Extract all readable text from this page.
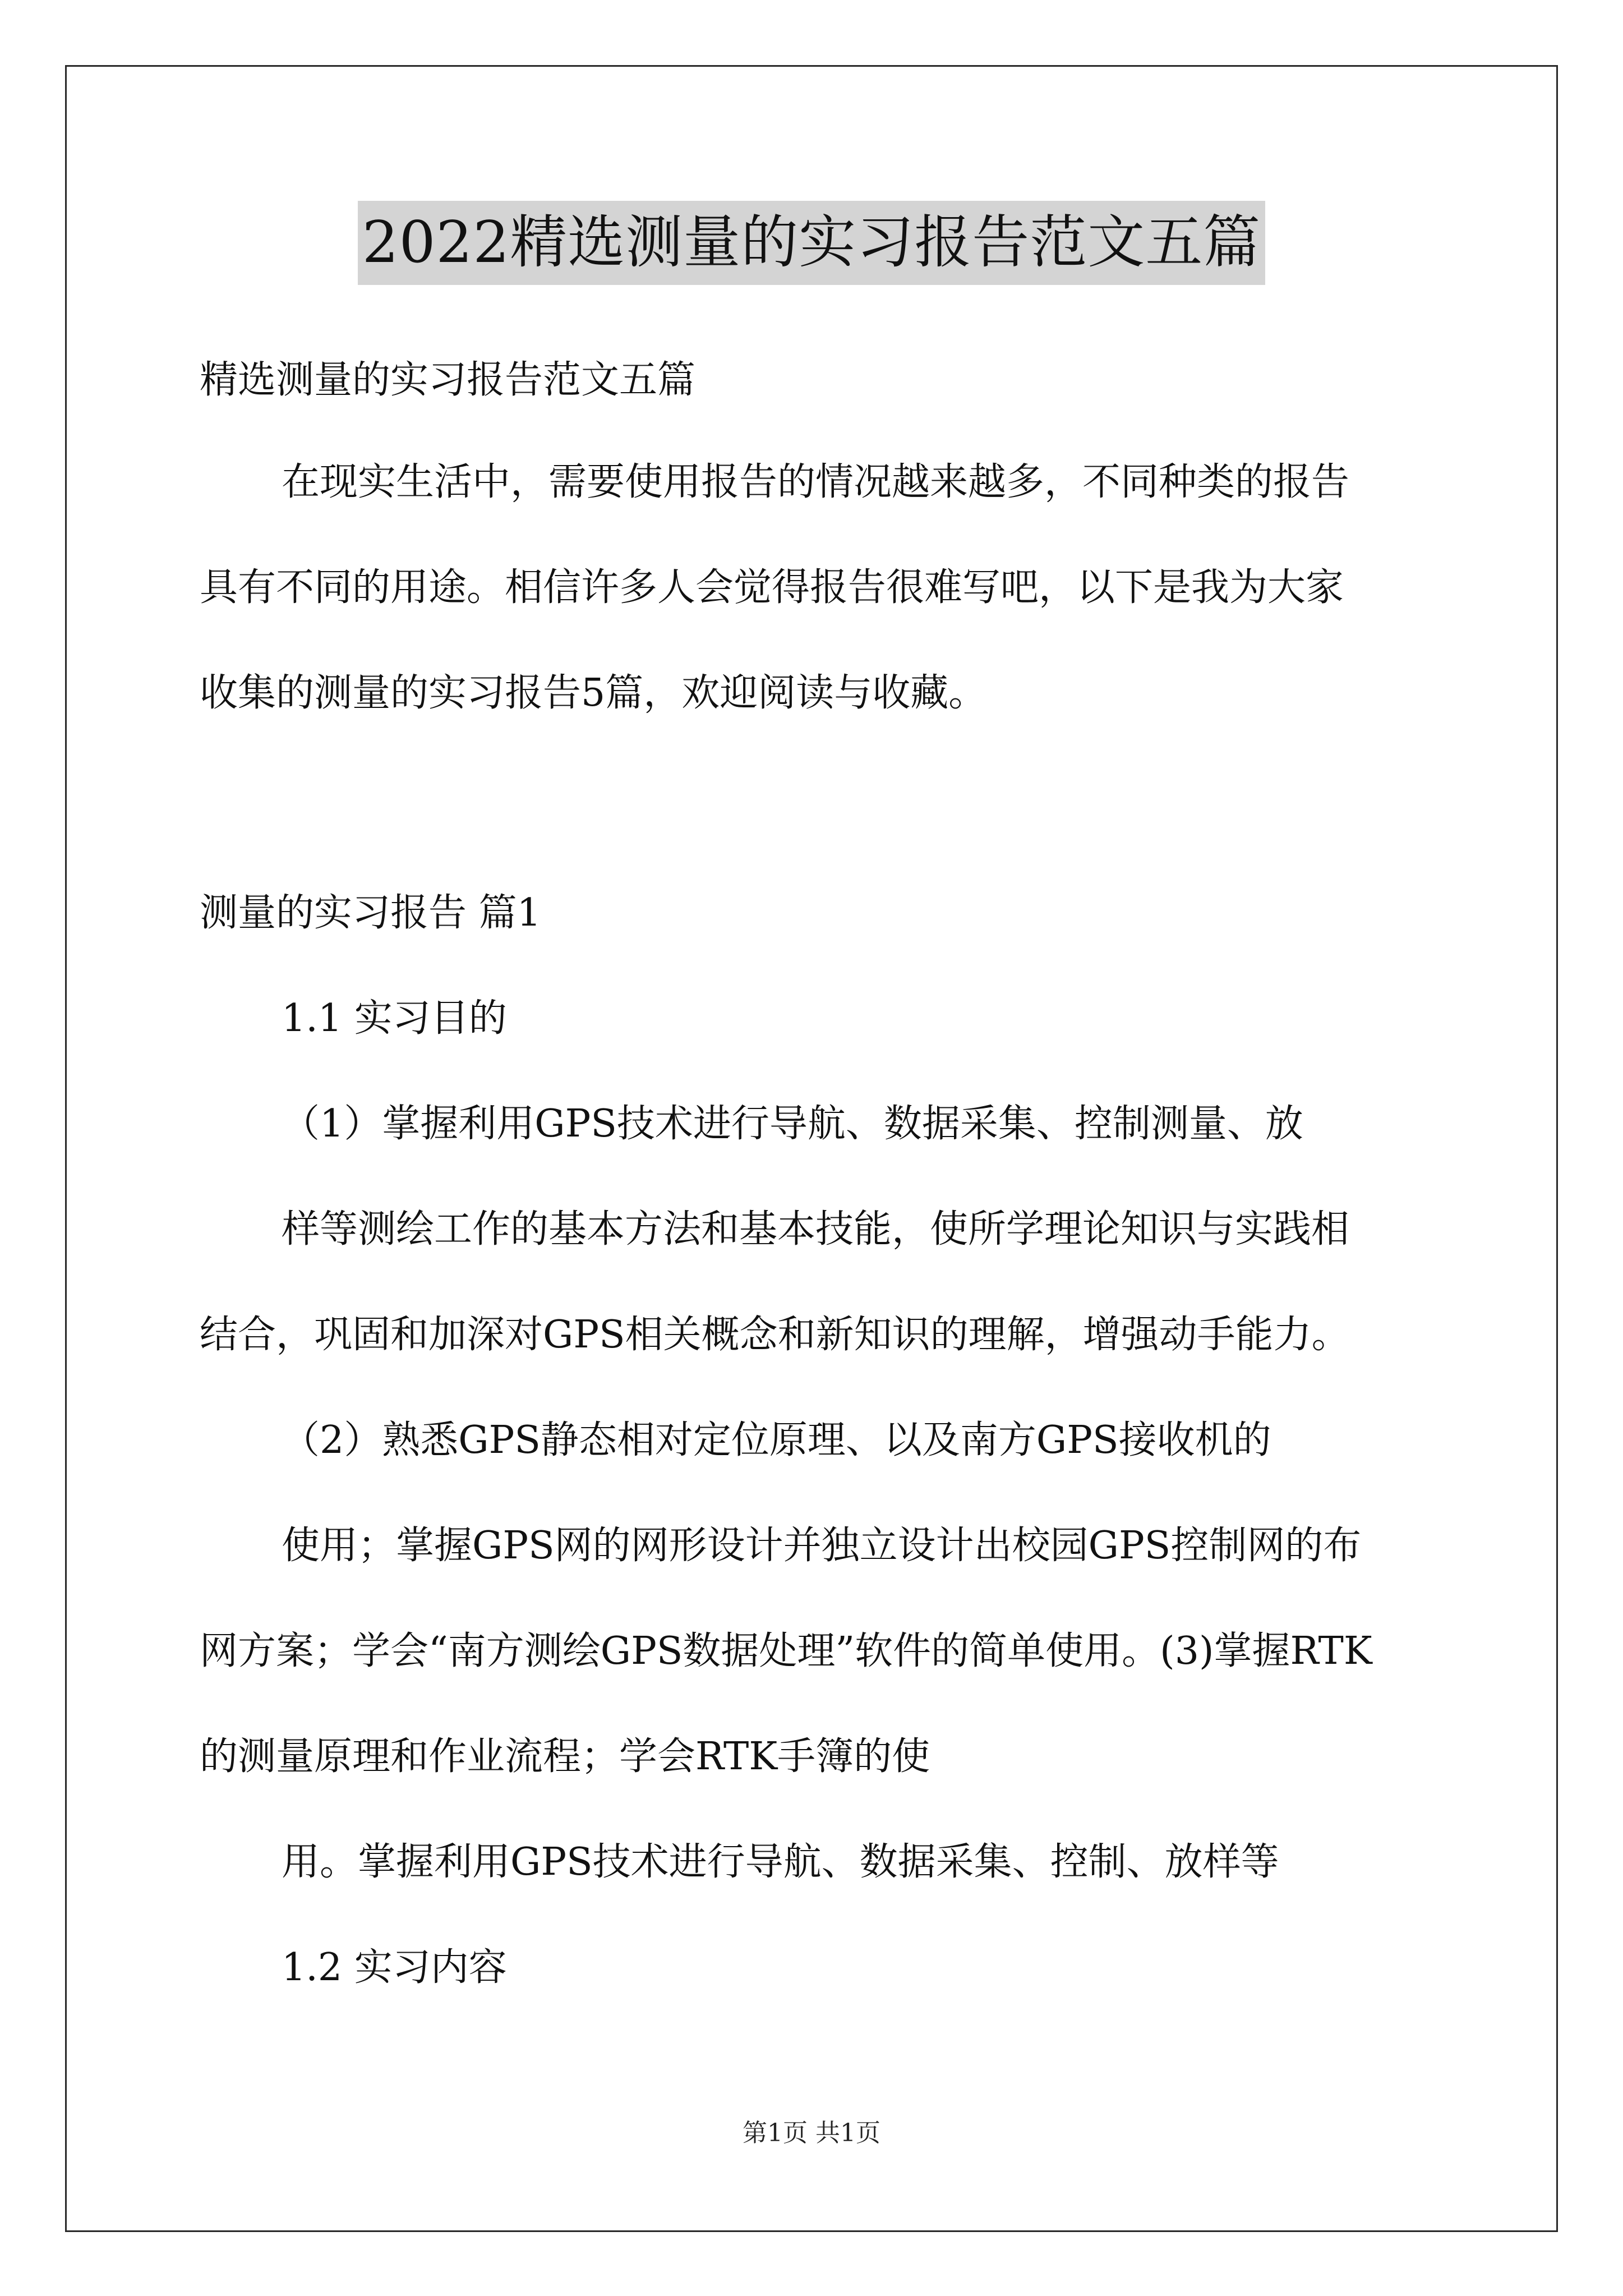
2022精选测量的实习报告范文五篇
精选测量的实习报告范文五篇
在现实生活中，需要使用报告的情况越来越多，不同种类的报告
具有不同的用途。相信许多人会觉得报告很难写吧，以下是我为大家
收集的测量的实习报告5篇，欢迎阅读与收藏。
测量的实习报告 篇1
1.1 实习目的
（1）掌握利用GPS技术进行导航、数据采集、控制测量、放
样等测绘工作的基本方法和基本技能，使所学理论知识与实践相
结合，巩固和加深对GPS相关概念和新知识的理解，增强动手能力。
（2）熟悉GPS静态相对定位原理、以及南方GPS接收机的
使用；掌握GPS网的网形设计并独立设计出校园GPS控制网的布
网方案；学会“南方测绘GPS数据处理”软件的简单使用。(3)掌握RTK
的测量原理和作业流程；学会RTK手簿的使
用。掌握利用GPS技术进行导航、数据采集、控制、放样等
1.2 实习内容
第1页 共1页
